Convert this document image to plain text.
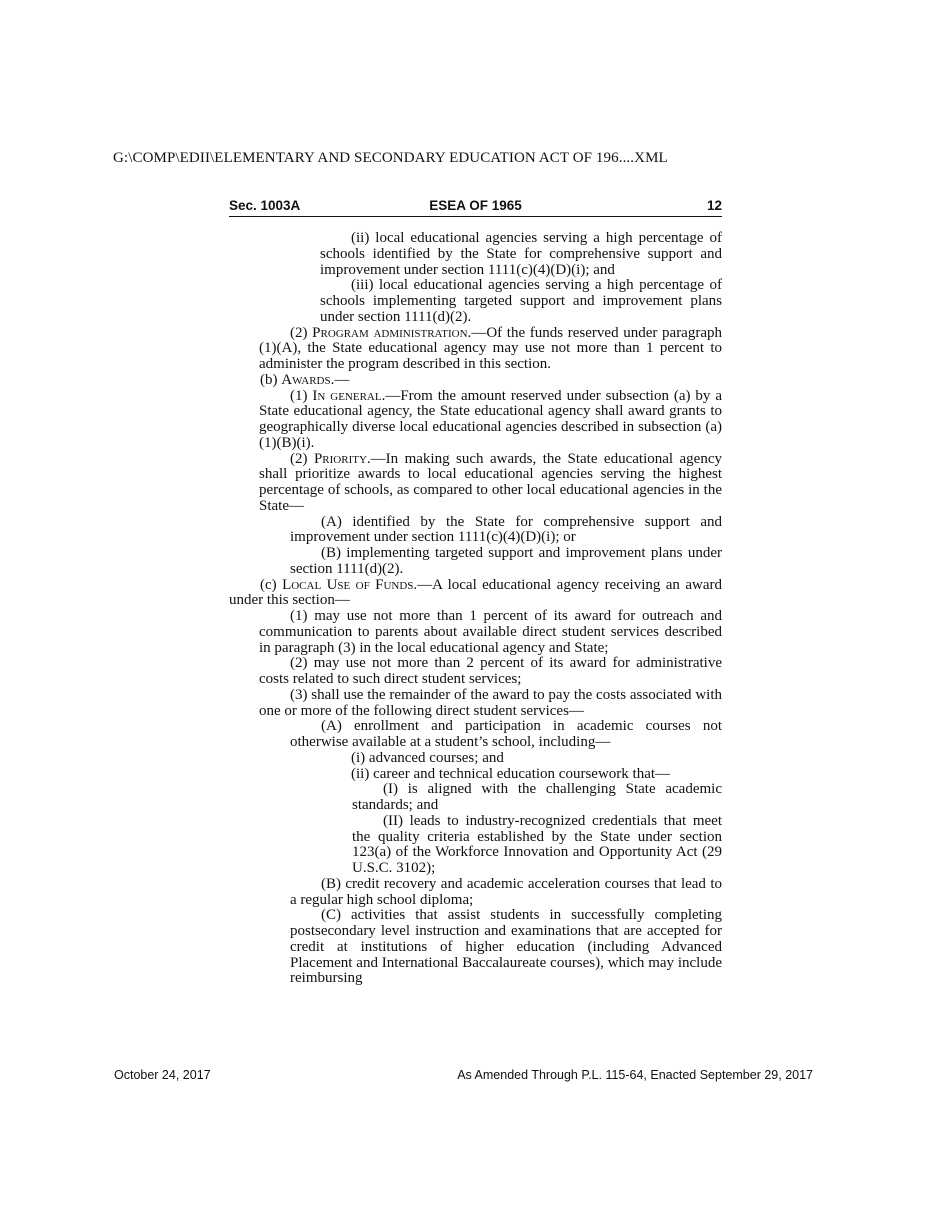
G:\COMP\EDII\ELEMENTARY AND SECONDARY EDUCATION ACT OF 196....XML
Sec. 1003A	ESEA OF 1965	12
(ii) local educational agencies serving a high percentage of schools identified by the State for comprehensive support and improvement under section 1111(c)(4)(D)(i); and
(iii) local educational agencies serving a high percentage of schools implementing targeted support and improvement plans under section 1111(d)(2).
(2) Program administration.—Of the funds reserved under paragraph (1)(A), the State educational agency may use not more than 1 percent to administer the program described in this section.
(b) Awards.—
(1) In general.—From the amount reserved under subsection (a) by a State educational agency, the State educational agency shall award grants to geographically diverse local educational agencies described in subsection (a)(1)(B)(i).
(2) Priority.—In making such awards, the State educational agency shall prioritize awards to local educational agencies serving the highest percentage of schools, as compared to other local educational agencies in the State—
(A) identified by the State for comprehensive support and improvement under section 1111(c)(4)(D)(i); or
(B) implementing targeted support and improvement plans under section 1111(d)(2).
(c) Local Use of Funds.—A local educational agency receiving an award under this section—
(1) may use not more than 1 percent of its award for outreach and communication to parents about available direct student services described in paragraph (3) in the local educational agency and State;
(2) may use not more than 2 percent of its award for administrative costs related to such direct student services;
(3) shall use the remainder of the award to pay the costs associated with one or more of the following direct student services—
(A) enrollment and participation in academic courses not otherwise available at a student’s school, including—
(i) advanced courses; and
(ii) career and technical education coursework that—
(I) is aligned with the challenging State academic standards; and
(II) leads to industry-recognized credentials that meet the quality criteria established by the State under section 123(a) of the Workforce Innovation and Opportunity Act (29 U.S.C. 3102);
(B) credit recovery and academic acceleration courses that lead to a regular high school diploma;
(C) activities that assist students in successfully completing postsecondary level instruction and examinations that are accepted for credit at institutions of higher education (including Advanced Placement and International Baccalaureate courses), which may include reimbursing
October 24, 2017	As Amended Through P.L. 115-64, Enacted September 29, 2017
